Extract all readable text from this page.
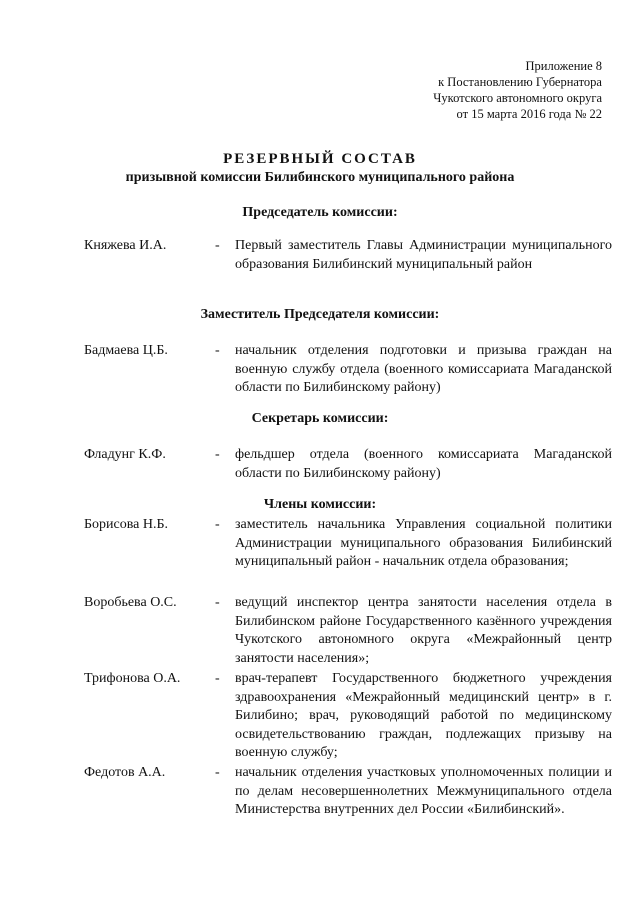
Приложение 8
к Постановлению Губернатора
Чукотского автономного округа
от 15 марта 2016 года № 22
РЕЗЕРВНЫЙ СОСТАВ
призывной комиссии Билибинского муниципального района
Председатель комиссии:
Княжева И.А.	- Первый заместитель Главы Администрации муниципального образования Билибинский муниципальный район
Заместитель Председателя комиссии:
Бадмаева Ц.Б.	- начальник отделения подготовки и призыва граждан на военную службу отдела (военного комиссариата Магаданской области по Билибинскому району)
Секретарь комиссии:
Фладунг К.Ф.	- фельдшер отдела (военного комиссариата Магаданской области по Билибинскому району)
Члены комиссии:
Борисова Н.Б.	- заместитель начальника Управления социальной политики Администрации муниципального образования Билибинский муниципальный район - начальник отдела образования;
Воробьева О.С.	- ведущий инспектор центра занятости населения отдела в Билибинском районе Государственного казённого учреждения Чукотского автономного округа «Межрайонный центр занятости населения»;
Трифонова О.А. - врач-терапевт Государственного бюджетного учреждения здравоохранения «Межрайонный медицинский центр» в г. Билибино; врач, руководящий работой по медицинскому освидетельствованию граждан, подлежащих призыву на военную службу;
Федотов А.А.	- начальник отделения участковых уполномоченных полиции и по делам несовершеннолетних Межмуниципального отдела Министерства внутренних дел России «Билибинский».
